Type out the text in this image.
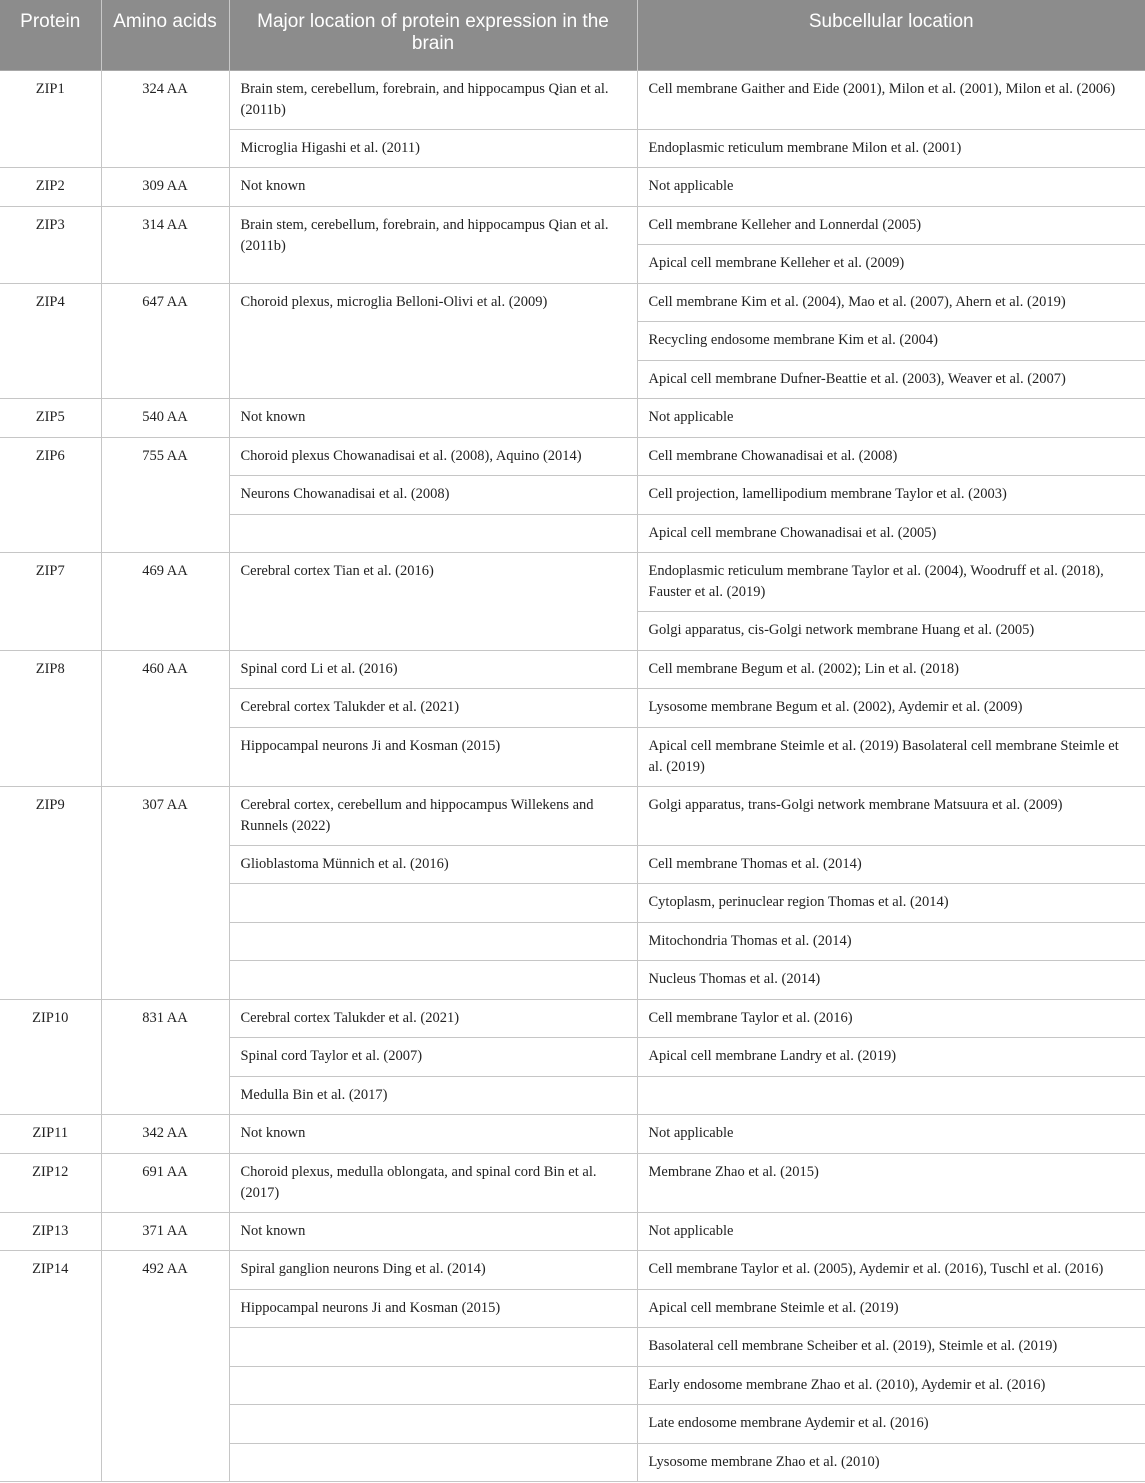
Protein	Amino acids	Major location of protein expression in the brain	Subcellular location
ZIP1	324 AA	Brain stem, cerebellum, forebrain, and hippocampus Qian et al. (2011b)	Cell membrane Gaither and Eide (2001), Milon et al. (2001), Milon et al. (2006)
		Microglia Higashi et al. (2011)	Endoplasmic reticulum membrane Milon et al. (2001)
ZIP2	309 AA	Not known	Not applicable
ZIP3	314 AA	Brain stem, cerebellum, forebrain, and hippocampus Qian et al. (2011b)	Cell membrane Kelleher and Lonnerdal (2005)
			Apical cell membrane Kelleher et al. (2009)
ZIP4	647 AA	Choroid plexus, microglia Belloni-Olivi et al. (2009)	Cell membrane Kim et al. (2004), Mao et al. (2007), Ahern et al. (2019)
			Recycling endosome membrane Kim et al. (2004)
			Apical cell membrane Dufner-Beattie et al. (2003), Weaver et al. (2007)
ZIP5	540 AA	Not known	Not applicable
ZIP6	755 AA	Choroid plexus Chowanadisai et al. (2008), Aquino (2014)	Cell membrane Chowanadisai et al. (2008)
		Neurons Chowanadisai et al. (2008)	Cell projection, lamellipodium membrane Taylor et al. (2003)
			Apical cell membrane Chowanadisai et al. (2005)
ZIP7	469 AA	Cerebral cortex Tian et al. (2016)	Endoplasmic reticulum membrane Taylor et al. (2004), Woodruff et al. (2018), Fauster et al. (2019)
			Golgi apparatus, cis-Golgi network membrane Huang et al. (2005)
ZIP8	460 AA	Spinal cord Li et al. (2016)	Cell membrane Begum et al. (2002); Lin et al. (2018)
		Cerebral cortex Talukder et al. (2021)	Lysosome membrane Begum et al. (2002), Aydemir et al. (2009)
		Hippocampal neurons Ji and Kosman (2015)	Apical cell membrane Steimle et al. (2019) Basolateral cell membrane Steimle et al. (2019)
ZIP9	307 AA	Cerebral cortex, cerebellum and hippocampus Willekens and Runnels (2022)	Golgi apparatus, trans-Golgi network membrane Matsuura et al. (2009)
		Glioblastoma Münnich et al. (2016)	Cell membrane Thomas et al. (2014)
			Cytoplasm, perinuclear region Thomas et al. (2014)
			Mitochondria Thomas et al. (2014)
			Nucleus Thomas et al. (2014)
ZIP10	831 AA	Cerebral cortex Talukder et al. (2021)	Cell membrane Taylor et al. (2016)
		Spinal cord Taylor et al. (2007)	Apical cell membrane Landry et al. (2019)
		Medulla Bin et al. (2017)	
ZIP11	342 AA	Not known	Not applicable
ZIP12	691 AA	Choroid plexus, medulla oblongata, and spinal cord Bin et al. (2017)	Membrane Zhao et al. (2015)
ZIP13	371 AA	Not known	Not applicable
ZIP14	492 AA	Spiral ganglion neurons Ding et al. (2014)	Cell membrane Taylor et al. (2005), Aydemir et al. (2016), Tuschl et al. (2016)
		Hippocampal neurons Ji and Kosman (2015)	Apical cell membrane Steimle et al. (2019)
			Basolateral cell membrane Scheiber et al. (2019), Steimle et al. (2019)
			Early endosome membrane Zhao et al. (2010), Aydemir et al. (2016)
			Late endosome membrane Aydemir et al. (2016)
			Lysosome membrane Zhao et al. (2010)
